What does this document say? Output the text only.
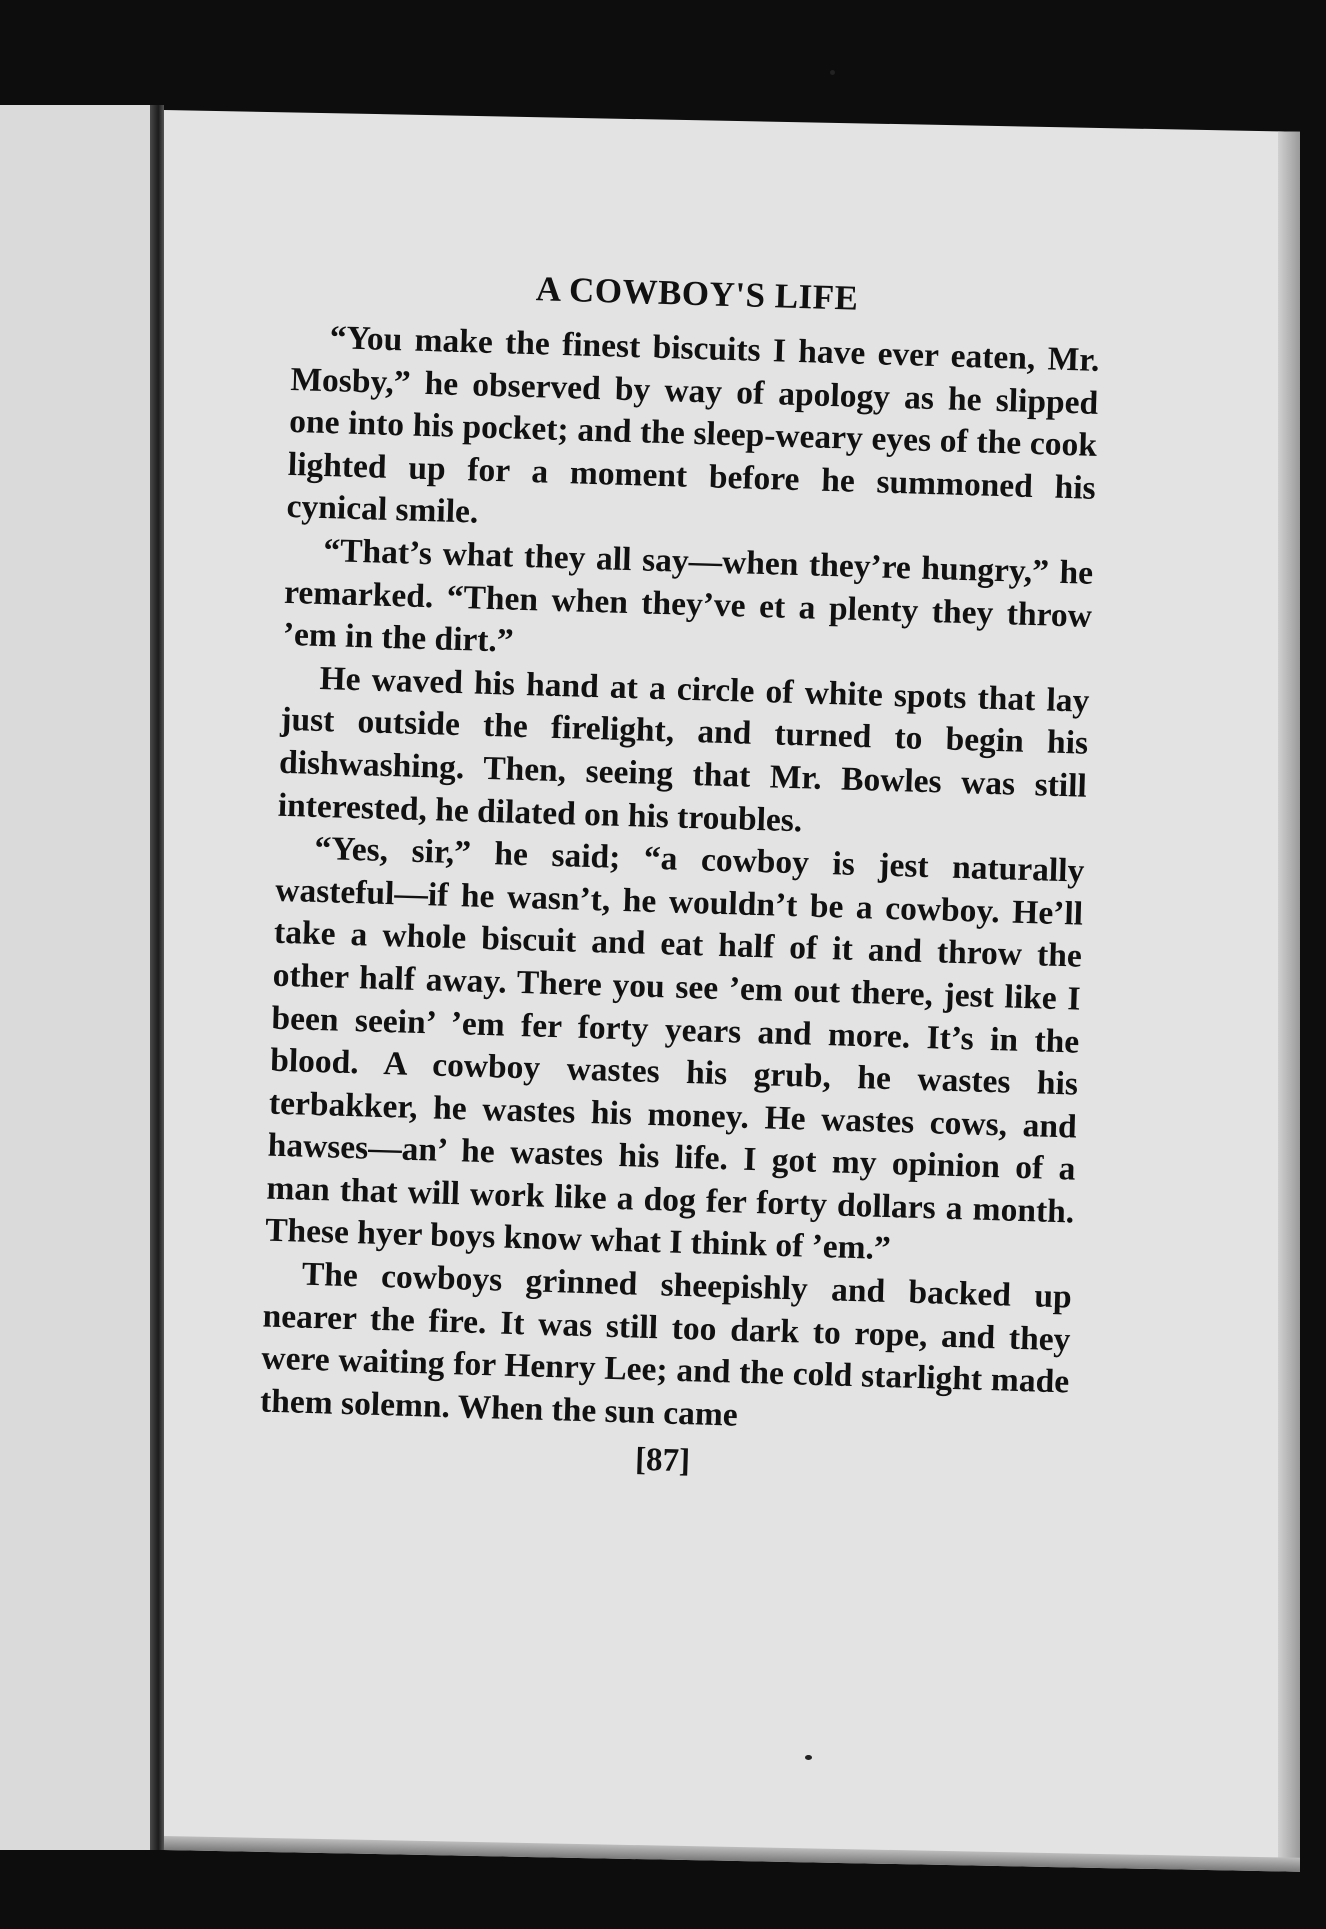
A COWBOY'S LIFE

“You make the finest biscuits I have ever eaten, Mr. Mosby,” he observed by way of apology as he slipped one into his pocket; and the sleep-weary eyes of the cook lighted up for a moment before he summoned his cynical smile.

“That’s what they all say—when they’re hungry,” he remarked. “Then when they’ve et a plenty they throw ’em in the dirt.”

He waved his hand at a circle of white spots that lay just outside the firelight, and turned to begin his dishwashing. Then, seeing that Mr. Bowles was still interested, he dilated on his troubles.

“Yes, sir,” he said; “a cowboy is jest naturally wasteful—if he wasn’t, he wouldn’t be a cowboy. He’ll take a whole biscuit and eat half of it and throw the other half away. There you see ’em out there, jest like I been seein’ ’em fer forty years and more. It’s in the blood. A cowboy wastes his grub, he wastes his terbakker, he wastes his money. He wastes cows, and hawses—an’ he wastes his life. I got my opinion of a man that will work like a dog fer forty dollars a month. These hyer boys know what I think of ’em.”

The cowboys grinned sheepishly and backed up nearer the fire. It was still too dark to rope, and they were waiting for Henry Lee; and the cold starlight made them solemn. When the sun came

[87]
